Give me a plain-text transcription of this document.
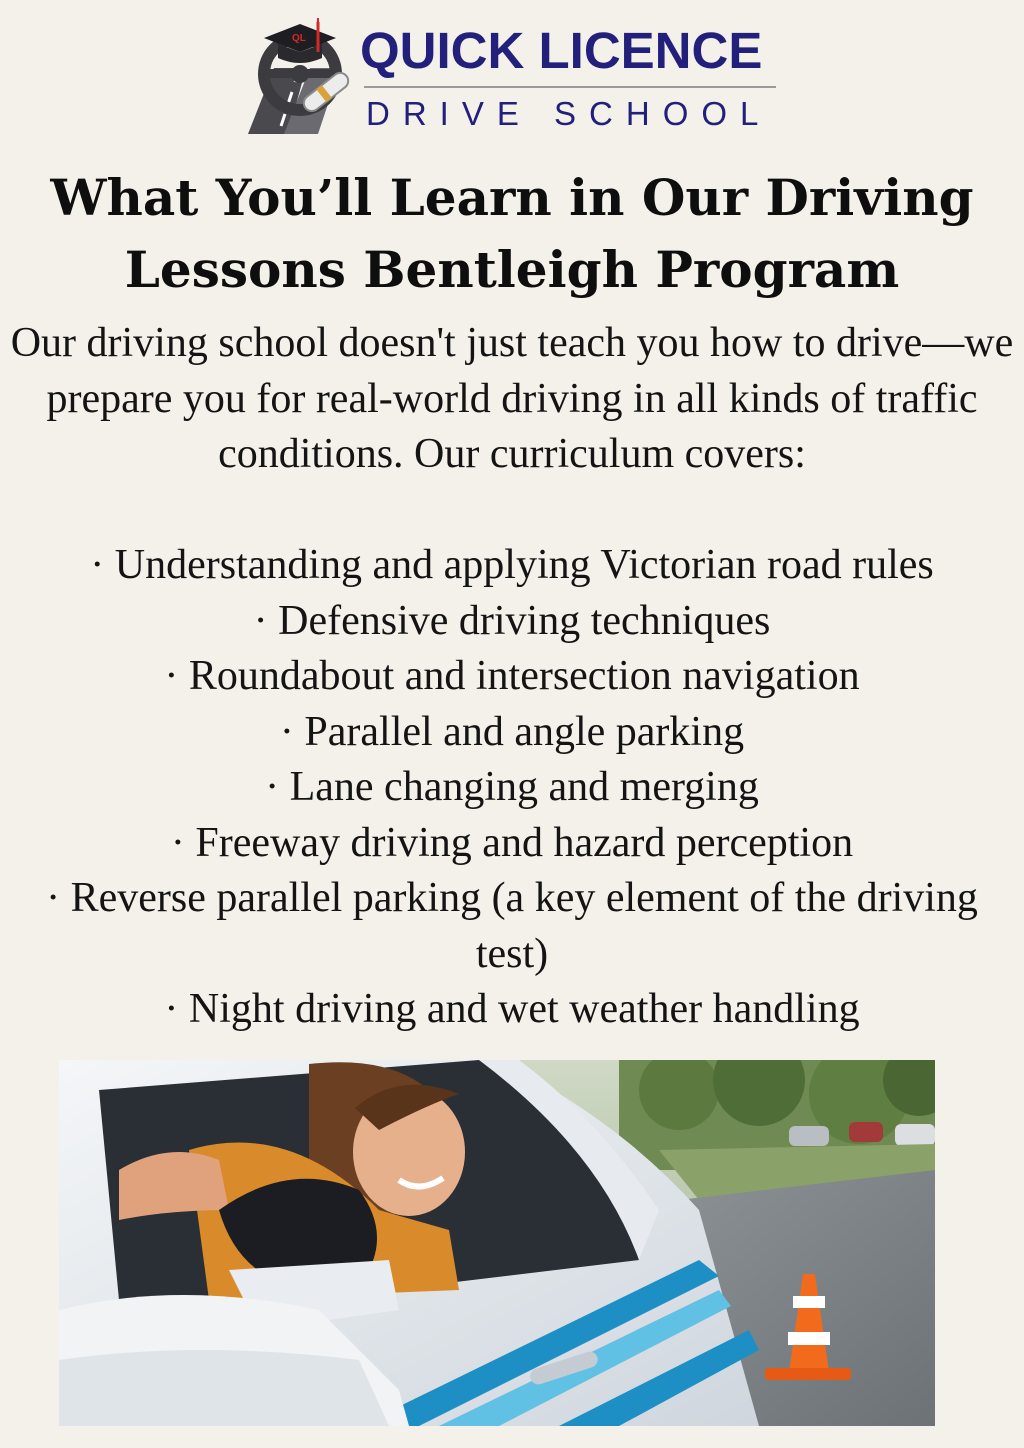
QL QUICK LICENCE
DRIVE SCHOOL
What You’ll Learn in Our Driving Lessons Bentleigh Program

Our driving school doesn't just teach you how to drive—we prepare you for real-world driving in all kinds of traffic conditions. Our curriculum covers:

· Understanding and applying Victorian road rules
· Defensive driving techniques
· Roundabout and intersection navigation
· Parallel and angle parking
· Lane changing and merging
· Freeway driving and hazard perception
· Reverse parallel parking (a key element of the driving test)
· Night driving and wet weather handling
